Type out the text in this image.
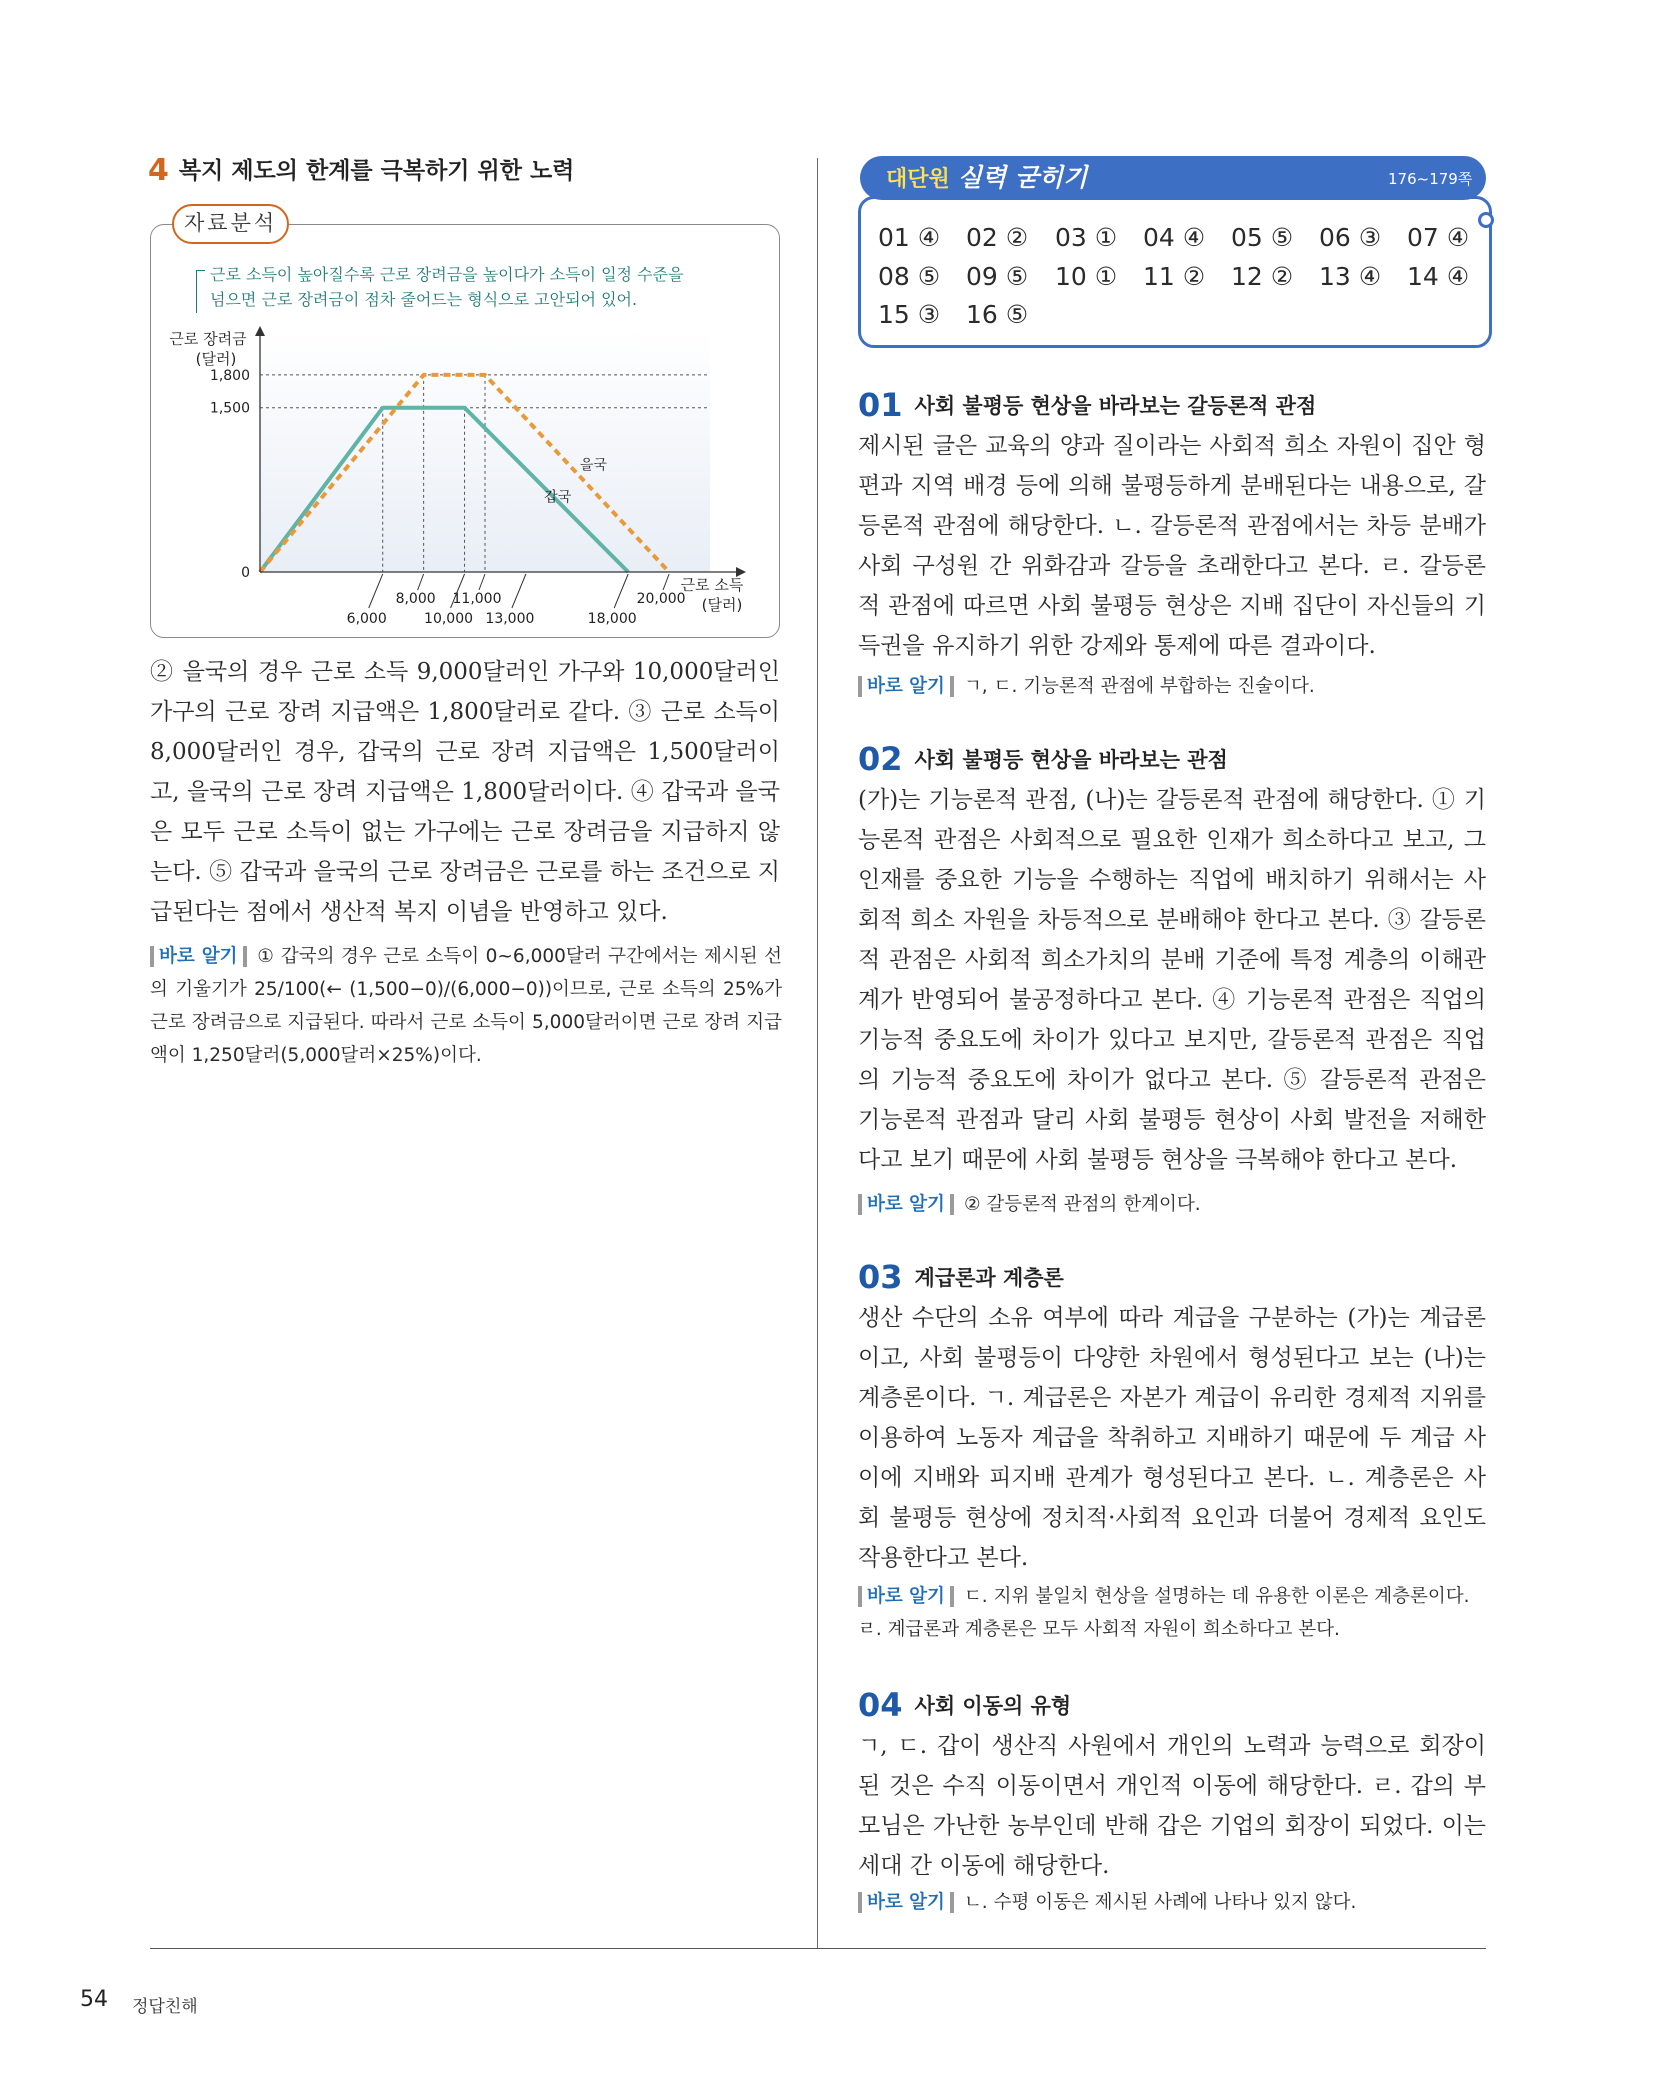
4 복지 제도의 한계를 극복하기 위한 노력
자료분석
근로 소득이 높아질수록 근로 장려금을 높이다가 소득이 일정 수준을
넘으면 근로 장려금이 점차 줄어드는 형식으로 고안되어 있어.
근로 장려금
(달러)
근로 소득
(달러)
0
1,500
1,800
8,000 11,000	20,000
6,000	10,000 13,000	18,000
을국
갑국
② 을국의 경우 근로 소득 9,000달러인 가구와 10,000달러인 가구의 근로 장려 지급액은 1,800달러로 같다. ③ 근로 소득이 8,000달러인 경우, 갑국의 근로 장려 지급액은 1,500달러이고, 을국의 근로 장려 지급액은 1,800달러이다. ④ 갑국과 을국은 모두 근로 소득이 없는 가구에는 근로 장려금을 지급하지 않는다. ⑤ 갑국과 을국의 근로 장려금은 근로를 하는 조건으로 지급된다는 점에서 생산적 복지 이념을 반영하고 있다.
바로 알기 ① 갑국의 경우 근로 소득이 0~6,000달러 구간에서는 제시된 선의 기울기가 25/100(← (1,500−0)/(6,000−0))이므로, 근로 소득의 25%가 근로 장려금으로 지급된다. 따라서 근로 소득이 5,000달러이면 근로 장려 지급액이 1,250달러(5,000달러×25%)이다.
대단원 실력 굳히기	176~179쪽
01 ④ 02 ② 03 ① 04 ④ 05 ⑤ 06 ③ 07 ④
08 ⑤ 09 ⑤ 10 ① 11 ② 12 ② 13 ④ 14 ④
15 ③ 16 ⑤
01 사회 불평등 현상을 바라보는 갈등론적 관점
제시된 글은 교육의 양과 질이라는 사회적 희소 자원이 집안 형편과 지역 배경 등에 의해 불평등하게 분배된다는 내용으로, 갈등론적 관점에 해당한다. ㄴ. 갈등론적 관점에서는 차등 분배가 사회 구성원 간 위화감과 갈등을 초래한다고 본다. ㄹ. 갈등론적 관점에 따르면 사회 불평등 현상은 지배 집단이 자신들의 기득권을 유지하기 위한 강제와 통제에 따른 결과이다.
바로 알기 ㄱ, ㄷ. 기능론적 관점에 부합하는 진술이다.
02 사회 불평등 현상을 바라보는 관점
(가)는 기능론적 관점, (나)는 갈등론적 관점에 해당한다. ① 기능론적 관점은 사회적으로 필요한 인재가 희소하다고 보고, 그 인재를 중요한 기능을 수행하는 직업에 배치하기 위해서는 사회적 희소 자원을 차등적으로 분배해야 한다고 본다. ③ 갈등론적 관점은 사회적 희소가치의 분배 기준에 특정 계층의 이해관계가 반영되어 불공정하다고 본다. ④ 기능론적 관점은 직업의 기능적 중요도에 차이가 있다고 보지만, 갈등론적 관점은 직업의 기능적 중요도에 차이가 없다고 본다. ⑤ 갈등론적 관점은 기능론적 관점과 달리 사회 불평등 현상이 사회 발전을 저해한다고 보기 때문에 사회 불평등 현상을 극복해야 한다고 본다.
바로 알기 ② 갈등론적 관점의 한계이다.
03 계급론과 계층론
생산 수단의 소유 여부에 따라 계급을 구분하는 (가)는 계급론이고, 사회 불평등이 다양한 차원에서 형성된다고 보는 (나)는 계층론이다. ㄱ. 계급론은 자본가 계급이 유리한 경제적 지위를 이용하여 노동자 계급을 착취하고 지배하기 때문에 두 계급 사이에 지배와 피지배 관계가 형성된다고 본다. ㄴ. 계층론은 사회 불평등 현상에 정치적·사회적 요인과 더불어 경제적 요인도 작용한다고 본다.
바로 알기 ㄷ. 지위 불일치 현상을 설명하는 데 유용한 이론은 계층론이다. ㄹ. 계급론과 계층론은 모두 사회적 자원이 희소하다고 본다.
04 사회 이동의 유형
ㄱ, ㄷ. 갑이 생산직 사원에서 개인의 노력과 능력으로 회장이 된 것은 수직 이동이면서 개인적 이동에 해당한다. ㄹ. 갑의 부모님은 가난한 농부인데 반해 갑은 기업의 회장이 되었다. 이는 세대 간 이동에 해당한다.
바로 알기 ㄴ. 수평 이동은 제시된 사례에 나타나 있지 않다.
54 정답친해
